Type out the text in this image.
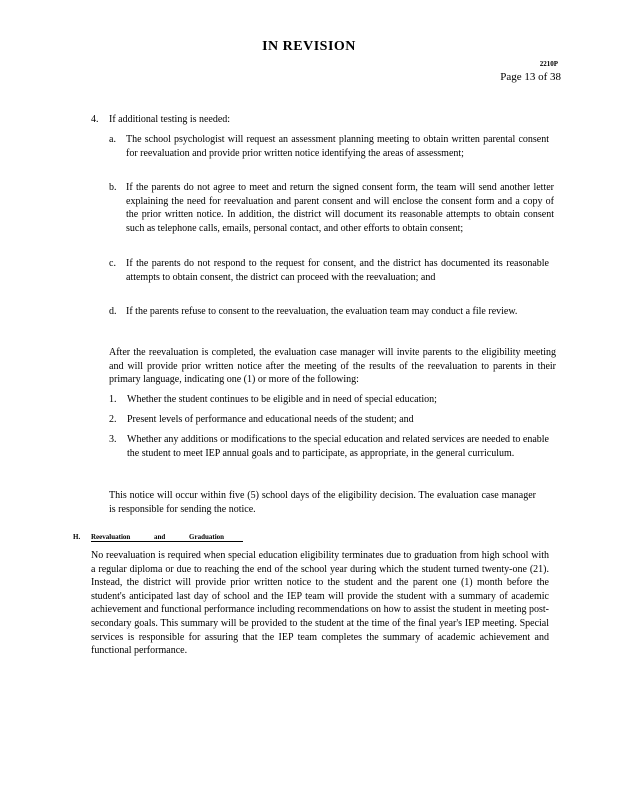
IN REVISION
2210P
Page 13 of 38
4. If additional testing is needed:
a. The school psychologist will request an assessment planning meeting to obtain written parental consent for reevaluation and provide prior written notice identifying the areas of assessment;
b. If the parents do not agree to meet and return the signed consent form, the team will send another letter explaining the need for reevaluation and parent consent and will enclose the consent form and a copy of the prior written notice. In addition, the district will document its reasonable attempts to obtain consent such as telephone calls, emails, personal contact, and other efforts to obtain consent;
c. If the parents do not respond to the request for consent, and the district has documented its reasonable attempts to obtain consent, the district can proceed with the reevaluation; and
d. If the parents refuse to consent to the reevaluation, the evaluation team may conduct a file review.
After the reevaluation is completed, the evaluation case manager will invite parents to the eligibility meeting and will provide prior written notice after the meeting of the results of the reevaluation to parents in their primary language, indicating one (1) or more of the following:
1. Whether the student continues to be eligible and in need of special education;
2. Present levels of performance and educational needs of the student; and
3. Whether any additions or modifications to the special education and related services are needed to enable the student to meet IEP annual goals and to participate, as appropriate, in the general curriculum.
This notice will occur within five (5) school days of the eligibility decision. The evaluation case manager is responsible for sending the notice.
H. Reevaluation and Graduation
No reevaluation is required when special education eligibility terminates due to graduation from high school with a regular diploma or due to reaching the end of the school year during which the student turned twenty-one (21). Instead, the district will provide prior written notice to the student and the parent one (1) month before the student's anticipated last day of school and the IEP team will provide the student with a summary of academic achievement and functional performance including recommendations on how to assist the student in meeting post-secondary goals. This summary will be provided to the student at the time of the final year's IEP meeting. Special services is responsible for assuring that the IEP team completes the summary of academic achievement and functional performance.
